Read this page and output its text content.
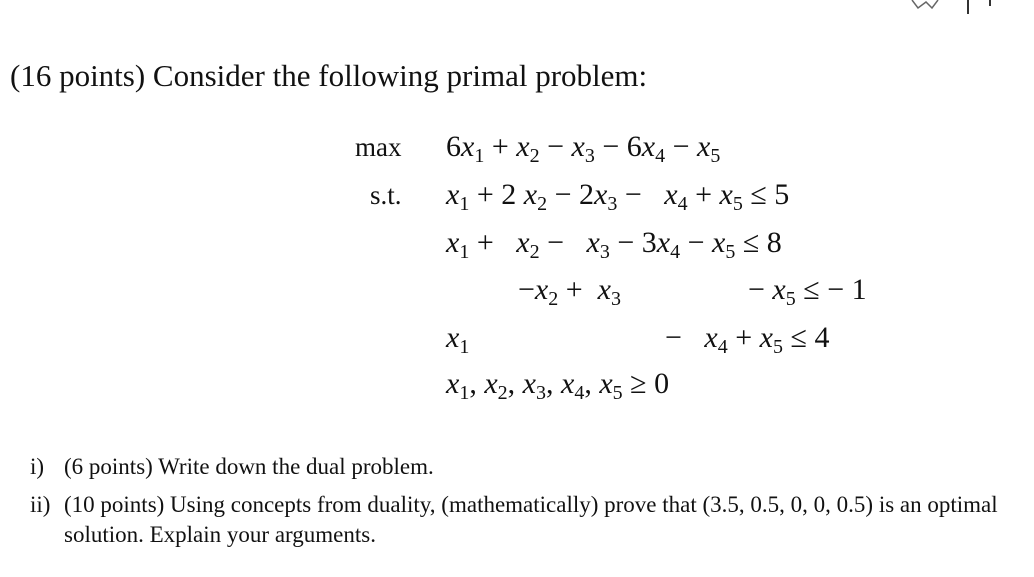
(16 points) Consider the following primal problem:
max
s.t.
$6x_1 + x_2 - x_3 - 6x_4 - x_5$
$x_1 + 2$ $x_2 - 2x_3 - x_4 + x_5 \le 5$
$x_1 + x_2 - x_3 - 3x_4 - x_5 \le 8$
$-x_2 + x_3$	− $x_5$ ≤ − 1
$x_1$	−   $x_4 + x_5 \le 4$
$x_1$, $x_2$, $x_3$, $x_4$, $x_5 \ge 0$
i) (6 points) Write down the dual problem.
ii) (10 points) Using concepts from duality, (mathematically) prove that (3.5, 0.5, 0, 0, 0.5) is an optimal solution. Explain your arguments.
